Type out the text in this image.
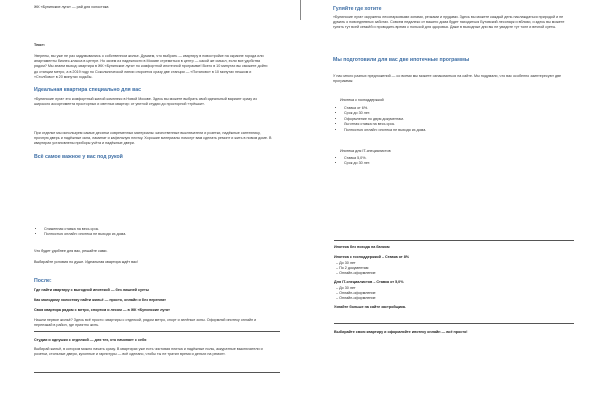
ЖК «Бунинские луга» — рай для холостяка
Текст:
Уверены, вы уже не раз задумывались о собственном жилье. Думаем, что выбрать — квартиру в новостройке на окраине города или апартаменты бизнес-класса в центре. Но зачем из надежности в Москве стремиться в центр — какой же смысл, если все удобства рядом? Мы знаем выход: квартира в ЖК «Бунинские луга» по комфортной ипотечной программе! Всего в 10 минутах вы сможете дойти до станции метро, а в 2019 году по Сокольнической линии откроется сразу две станции — «Потапово» в 10 минутах пешком и «Столбово» в 20 минутах ходьбы.
Идеальная квартира специально для вас
«Бунинские луга» это комфортный жилой комплекс в Новой Москве. Здесь вы можете выбрать свой идеальный вариант сразу из широкого ассортимента просторных и светлых квартир: от уютной студии до просторной «трёшки».
При отделке мы используем самые десятки современных материалы: качественные выключатели и розетки, надёжные сантехнику, прочную дверь и надёжные окна, ламинат и кафельную плитку. Хорошие материалы помогут вам сделать ремонт и жить в новом доме. В квартирах установлены приборы учёта и надёжные двери.
Всё самое важное у вас под рукой
Гуляйте где хотите
«Бунинские луга» окружены лесопарковыми зонами, речками и прудами. Здесь вы можете каждый день наслаждаться природой и не думать о повседневных заботах. Совсем недалеко от вашего дома будет находиться Бутовский лесопарк и вблизи, и здесь вы можете гулять тут всей семьёй и проводить время с пользой для здоровья. Даже в выходные дни вы не увидите тут толп и вечной суеты.
Мы подготовили для вас две ипотечные программы
У нас много разных предложений — со всеми мы можете ознакомиться на сайте. Мы подумали, что вас особенно заинтересуют две программы:
Ипотека с господдержкой
• Ставка от 6%.
• Срок до 30 лет.
• Оформление по двум документам.
• Льготная ставка на весь срок.
• Полностью онлайн: ипотека не выходя из дома.
Ипотека для IT-специалистов
• Ставка 5,0%.
• Срок до 30 лет.
• Сниженная ставка на весь срок.
• Полностью онлайн: ипотека не выходя из дома.
Что будет удобнее для вас, решайте сами.
Выбирайте условия по душе. Идеальная квартира ждёт вас!
После:
Где найти квартиру с выгодной ипотекой — без лишней суеты
Как молодому холостяку найти жильё — просто, онлайн и без переплат
Своя квартира рядом с метро, спортом и лесом — в ЖК «Бунинские луга»
Нашли первое жильё? Здесь всё просто: квартиры с отделкой, рядом метро, спорт и зелёные зоны. Оформляй ипотеку онлайн и переезжай в район, где приятно жить.
Студии и однушки с отделкой — для тех, кто начинает с себя
Выбирай жильё, в котором можно начать сразу. В квартирах уже есть чистовая плитка и надёжные полы, аккуратные выключатели и розетки, стильные двери, кухонные и гарнитуры — всё сделано, чтобы ты не тратил время и деньги на ремонт.
Ипотека без похода на банком
Ипотека с господдержкой – Ставка от 8%
– До 30 лет
– По 2 документам
– Онлайн-оформление
Для IT-специалистов – Ставка от 5,0%
– До 30 лет
– Онлайн-оформление
– Онлайн-оформление
Узнайте больше на сайте застройщика.
Выбирайте свою квартиру и оформляйте ипотеку онлайн — всё просто!
